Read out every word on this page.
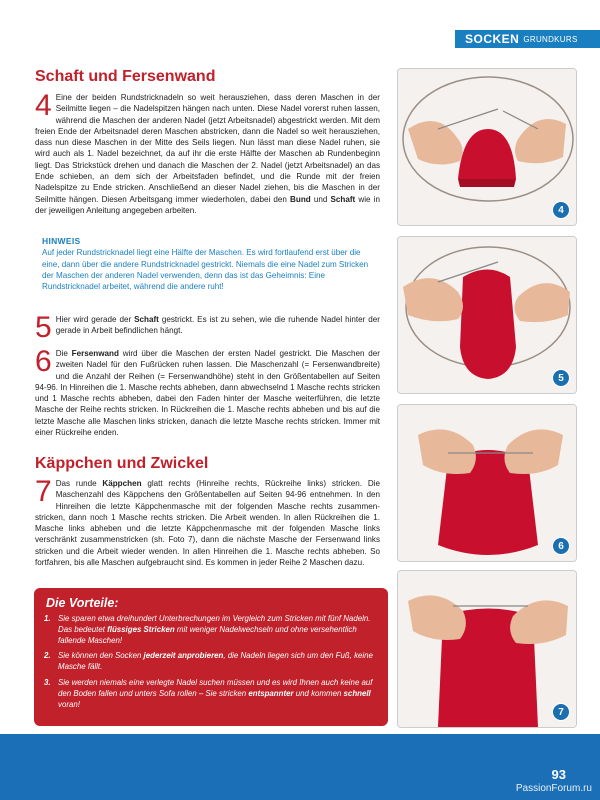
SOCKEN GRUNDKURS
Schaft und Fersenwand
4 Eine der beiden Rundstricknadeln so weit herausziehen, dass deren Maschen in der Seilmitte liegen – die Nadelspitzen hängen nach unten. Diese Nadel vorerst ruhen lassen, während die Maschen der anderen Nadel (jetzt Arbeitsnadel) abgestrickt werden. Mit dem freien Ende der Arbeitsnadel deren Maschen abstricken, dann die Nadel so weit herausziehen, dass nun diese Maschen in der Mitte des Seils liegen. Nun lässt man diese Nadel ruhen, sie wird auch als 1. Nadel bezeichnet, da auf ihr die erste Hälfte der Maschen ab Rundenbeginn liegt. Das Strickstück drehen und danach die Maschen der 2. Nadel (jetzt Arbeitsnadel) an das Ende schieben, an dem sich der Arbeitsfaden befindet, und die Runde mit der freien Nadelspitze zu Ende stricken. Anschließend an dieser Nadel ziehen, bis die Maschen in der Seilmitte hängen. Diesen Arbeitsgang immer wiederholen, dabei den Bund und Schaft wie in der jeweiligen Anleitung angegeben arbeiten.
HINWEIS
Auf jeder Rundstricknadel liegt eine Hälfte der Maschen. Es wird fortlaufend erst über die eine, dann über die andere Rundstricknadel gestrickt. Niemals die eine Nadel zum Stricken der Maschen der anderen Nadel verwenden, denn das ist das Geheimnis: Eine Rundstricknadel arbeitet, während die andere ruht!
5 Hier wird gerade der Schaft gestrickt. Es ist zu sehen, wie die ruhende Nadel hinter der gerade in Arbeit befindlichen hängt.
6 Die Fersenwand wird über die Maschen der ersten Nadel gestrickt. Die Maschen der zweiten Nadel für den Fußrücken ruhen lassen. Die Maschenzahl (= Fersenwandbreite) und die Anzahl der Reihen (= Fersenwandhöhe) steht in den Größentabellen auf Seiten 94-96. In Hinreihen die 1. Masche rechts abheben, dann abwechselnd 1 Masche rechts stricken und 1 Masche rechts abheben, dabei den Faden hinter der Masche weiterführen, die letzte Masche der Reihe rechts stricken. In Rückreihen die 1. Masche rechts abheben und bis auf die letzte Masche alle Maschen links stricken, danach die letzte Masche rechts stricken. Immer mit einer Rückreihe enden.
Käppchen und Zwickel
7 Das runde Käppchen glatt rechts (Hinreihe rechts, Rückreihe links) stricken. Die Maschenzahl des Käppchens den Größentabellen auf Seiten 94-96 entnehmen. In den Hinreihen die letzte Käppchenmasche mit der folgenden Masche rechts zusammen-stricken, dann noch 1 Masche rechts stricken. Die Arbeit wenden. In allen Rückreihen die 1. Masche links abheben und die letzte Käppchenmasche mit der folgenden Masche links verschränkt zusammenstricken (sh. Foto 7), dann die nächste Masche der Fersenwand links stricken und die Arbeit wieder wenden. In allen Hinreihen die 1. Masche rechts abheben. So fortfahren, bis alle Maschen aufgebraucht sind. Es kommen in jeder Reihe 2 Maschen dazu.
Die Vorteile:
1. Sie sparen etwa dreihundert Unterbrechungen im Vergleich zum Stricken mit fünf Nadeln. Das bedeutet flüssiges Stricken mit weniger Nadelwechseln und ohne versehentlich fallende Maschen!
2. Sie können den Socken jederzeit anprobieren, die Nadeln liegen sich um den Fuß, keine Masche fällt.
3. Sie werden niemals eine verlegte Nadel suchen müssen und es wird Ihnen auch keine auf den Boden fallen und unters Sofa rollen – Sie stricken entspannter und kommen schnell voran!
4
5
6
7
93
PassionForum.ru
